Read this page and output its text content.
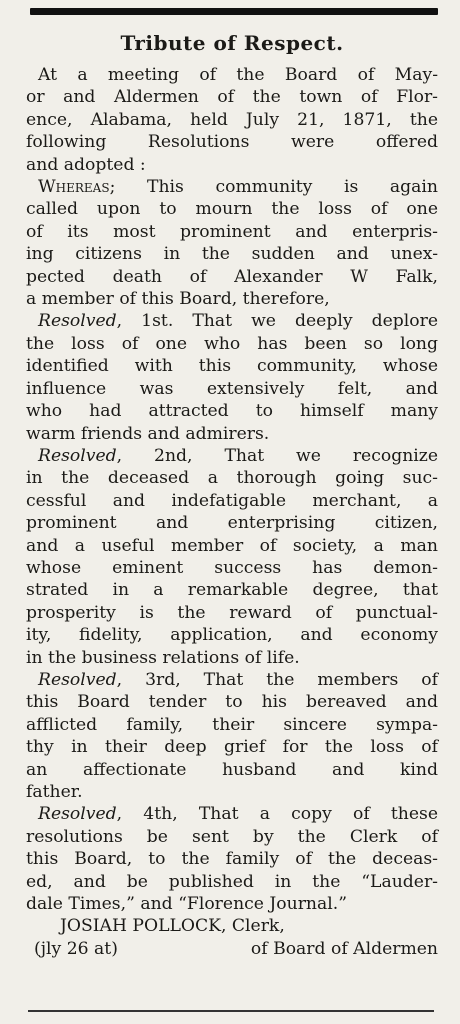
Tribute of Respect.

At a meeting of the Board of May-
or and Aldermen of the town of Flor-
ence, Alabama, held July 21, 1871, the
following Resolutions were offered
and adopted :

Whereas; This community is again
called upon to mourn the loss of one
of its most prominent and enterpris-
ing citizens in the sudden and unex-
pected death of Alexander W Falk,
a member of this Board, therefore,

Resolved, 1st. That we deeply deplore
the loss of one who has been so long
identified with this community, whose
influence was extensively felt, and
who had attracted to himself many
warm friends and admirers.

Resolved, 2nd, That we recognize
in the deceased a thorough going suc-
cessful and indefatigable merchant, a
prominent and enterprising citizen,
and a useful member of society, a man
whose eminent success has demon-
strated in a remarkable degree, that
prosperity is the reward of punctual-
ity, fidelity, application, and economy
in the business relations of life.

Resolved, 3rd, That the members of
this Board tender to his bereaved and
afflicted family, their sincere sympa-
thy in their deep grief for the loss of
an affectionate husband and kind
father.

Resolved, 4th, That a copy of these
resolutions be sent by the Clerk of
this Board, to the family of the deceas-
ed, and be published in the “Lauder-
dale Times,” and “Florence Journal.”

JOSIAH POLLOCK, Clerk,
(jly 26 at)	of Board of Aldermen
